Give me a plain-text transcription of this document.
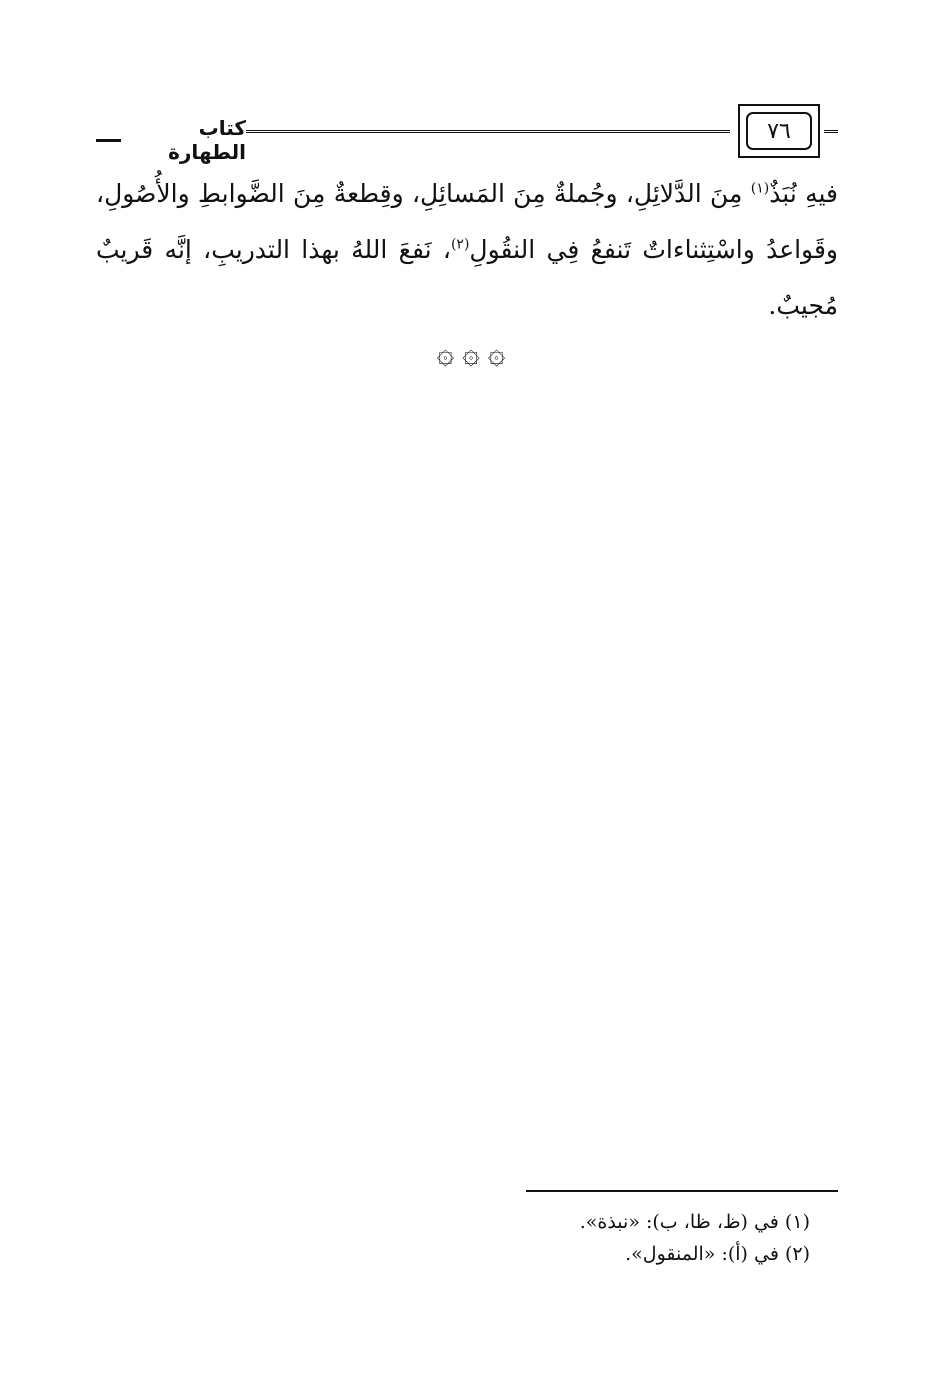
٧٦
كتاب الطهارة
فيهِ نُبَذٌ$^{(١)}$ مِنَ الدَّلائِلِ، وجُملةٌ مِنَ المَسائِلِ، وقِطعةٌ مِنَ الضَّوابطِ والأُصُولِ، وقَواعدُ واسْتِثناءاتٌ تَنفعُ فِي النقُولِ$^{(٢)}$، نَفعَ اللهُ بهذا التدريبِ، إنَّه قَريبٌ مُجيبٌ.
۞ ۞ ۞
(١) في (ظ، ظا، ب): «نبذة».
(٢) في (أ): «المنقول».
